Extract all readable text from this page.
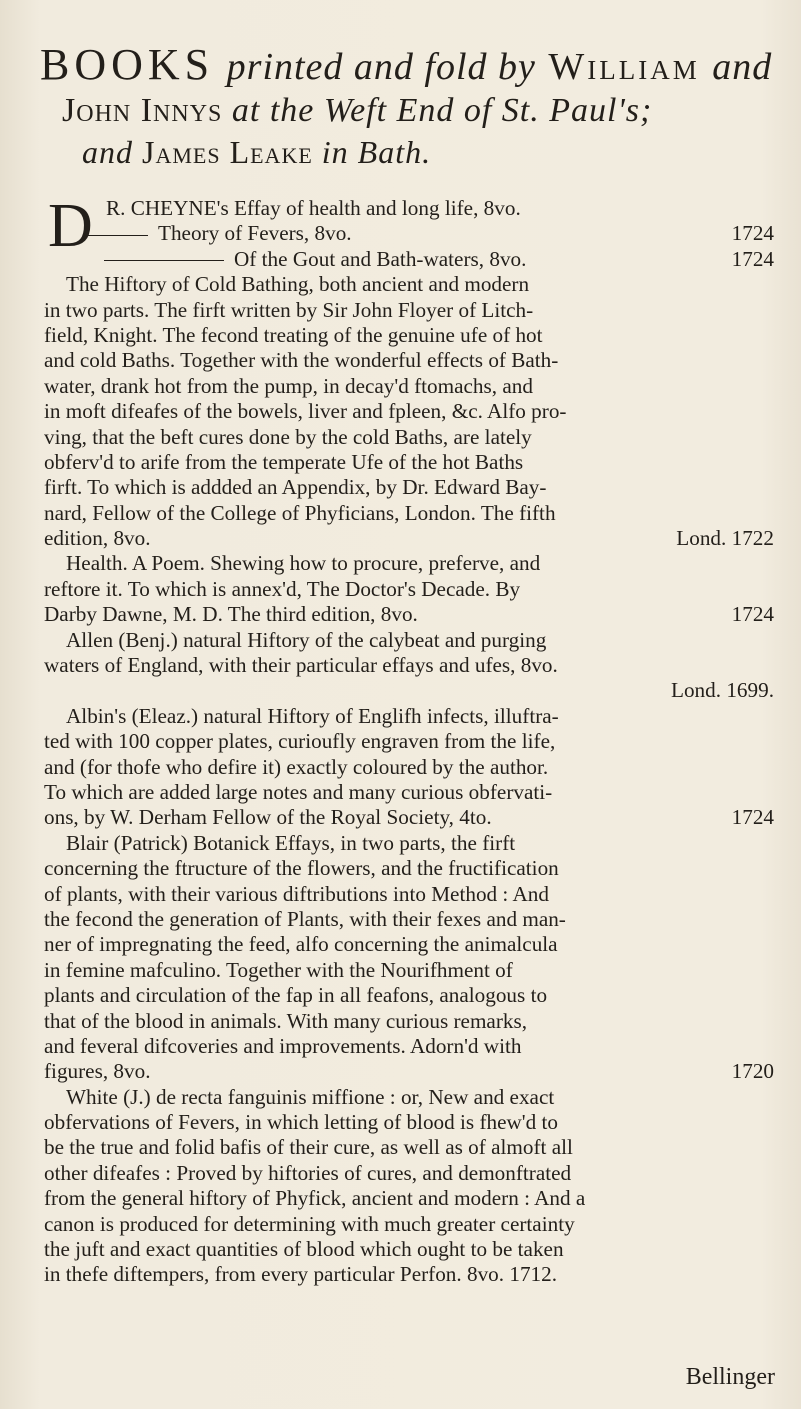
BOOKS printed and fold by William and
John Innys at the Weft End of St. Paul's;
and James Leake in Bath.
D R. CHEYNE's Effay of health and long life, 8vo.
Theory of Fevers, 8vo.	1724
Of the Gout and Bath-waters, 8vo.	1724
The Hiftory of Cold Bathing, both ancient and modern
in two parts. The firft written by Sir John Floyer of Litch-
field, Knight. The fecond treating of the genuine ufe of hot
and cold Baths. Together with the wonderful effects of Bath-
water, drank hot from the pump, in decay'd ftomachs, and
in moft difeafes of the bowels, liver and fpleen, &c. Alfo pro-
ving, that the beft cures done by the cold Baths, are lately
obferv'd to arife from the temperate Ufe of the hot Baths
firft. To which is addded an Appendix, by Dr. Edward Bay-
nard, Fellow of the College of Phyficians, London. The fifth
edition, 8vo.	Lond. 1722
Health. A Poem. Shewing how to procure, preferve, and
reftore it. To which is annex'd, The Doctor's Decade. By
Darby Dawne, M. D. The third edition, 8vo.	1724
Allen (Benj.) natural Hiftory of the calybeat and purging
waters of England, with their particular effays and ufes, 8vo.
Lond. 1699.
Albin's (Eleaz.) natural Hiftory of Englifh infects, illuftra-
ted with 100 copper plates, curioufly engraven from the life,
and (for thofe who defire it) exactly coloured by the author.
To which are added large notes and many curious obfervati-
ons, by W. Derham Fellow of the Royal Society, 4to.	1724
Blair (Patrick) Botanick Effays, in two parts, the firft
concerning the ftructure of the flowers, and the fructification
of plants, with their various diftributions into Method : And
the fecond the generation of Plants, with their fexes and man-
ner of impregnating the feed, alfo concerning the animalcula
in femine mafculino. Together with the Nourifhment of
plants and circulation of the fap in all feafons, analogous to
that of the blood in animals. With many curious remarks,
and feveral difcoveries and improvements. Adorn'd with
figures, 8vo.	1720
White (J.) de recta fanguinis miffione : or, New and exact
obfervations of Fevers, in which letting of blood is fhew'd to
be the true and folid bafis of their cure, as well as of almoft all
other difeafes : Proved by hiftories of cures, and demonftrated
from the general hiftory of Phyfick, ancient and modern : And a
canon is produced for determining with much greater certainty
the juft and exact quantities of blood which ought to be taken
in thefe diftempers, from every particular Perfon. 8vo. 1712.
Bellinger
